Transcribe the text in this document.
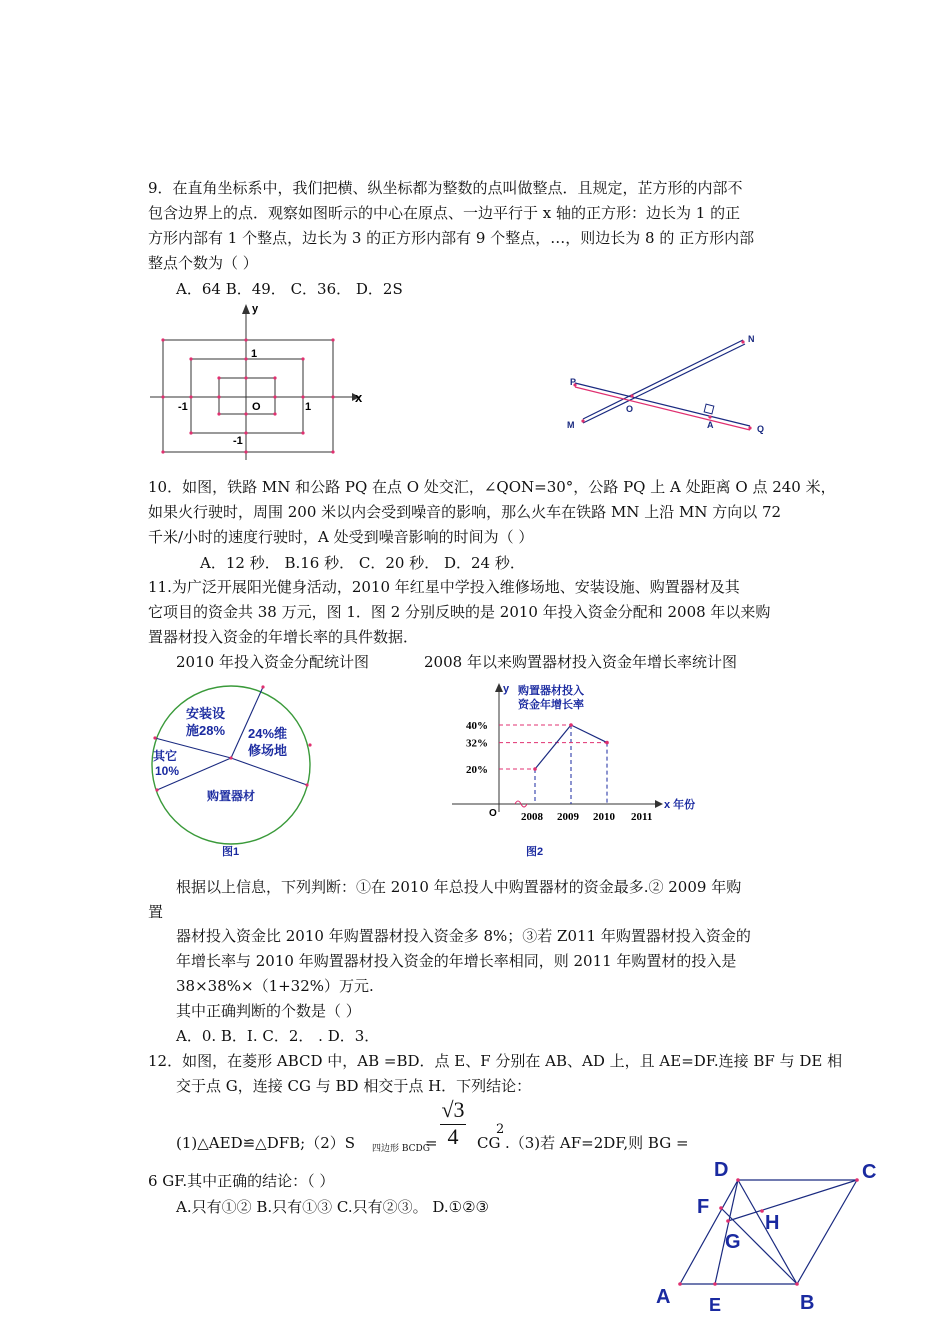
9．在直角坐标系中，我们把横、纵坐标都为整数的点叫做整点．且规定，芷方形的内部不
包含边界上的点．观察如图昕示的中心在原点、一边平行于 x 轴的正方形：边长为 1 的正
方形内部有 1 个整点，边长为 3 的正方形内部有 9 个整点，…，则边长为 8 的 正方形内部
整点个数为（ ）
A．64 B．49． C．36． D．2S
y
x
1
-1	O	1
-1
N
P
O
M	A	Q
10．如图，铁路 MN 和公路 PQ 在点 O 处交汇，∠QON=30°，公路 PQ 上 A 处距离 O 点 240 米，
如果火行驶时，周围 200 米以内会受到噪音的影响，那么火车在铁路 MN 上沿 MN 方向以 72
千米/小时的速度行驶时，A 处受到噪音影响的时间为（ ）
A．12 秒． B.16 秒． C．20 秒． D．24 秒．
11.为广泛开展阳光健身活动，2010 年红星中学投入维修场地、安装设施、购置器材及其
它项目的资金共 38 万元，图 1．图 2 分别反映的是 2010 年投入资金分配和 2008 年以来购
置器材投入资金的年增长率的具件数据．
2010 年投入资金分配统计图	2008 年以来购置器材投入资金年增长率统计图
安装设
施28% 24%维
修场地
其它
10%
购置器材
图1
40%
32%
20%
2008 2009 2010 2011
y 购置器材投入
资金年增长率
x 年份
O
图2
根据以上信息，下列判断：①在 2010 年总投人中购置器材的资金最多.② 2009 年购
置
器材投入资金比 2010 年购置器材投入资金多 8%；③若 Z011 年购置器材投入资金的
年增长率与 2010 年购置器材投入资金的年增长率相同，则 2011 年购置材的投入是
38×38%×（1+32%）万元.
其中正确判断的个数是（ ）
A．0. B．I. C．2． . D．3．
12．如图，在菱形 ABCD 中，AB =BD．点 E、F 分别在 AB、AD 上，且 AE=DF.连接 BF 与 DE 相
交于点 G，连接 CG 与 BD 相交于点 H．下列结论：
√3
4
(1)△AED≌△DFB;（2）S 四边形 BCDG
=	CG
2
.（3)若 AF=2DF,则 BG =
6 GF.其中正确的结论：（ ）
A.只有①② B.只有①③ C.只有②③。 D.①②③
D	C
F
H
G
A E	B
